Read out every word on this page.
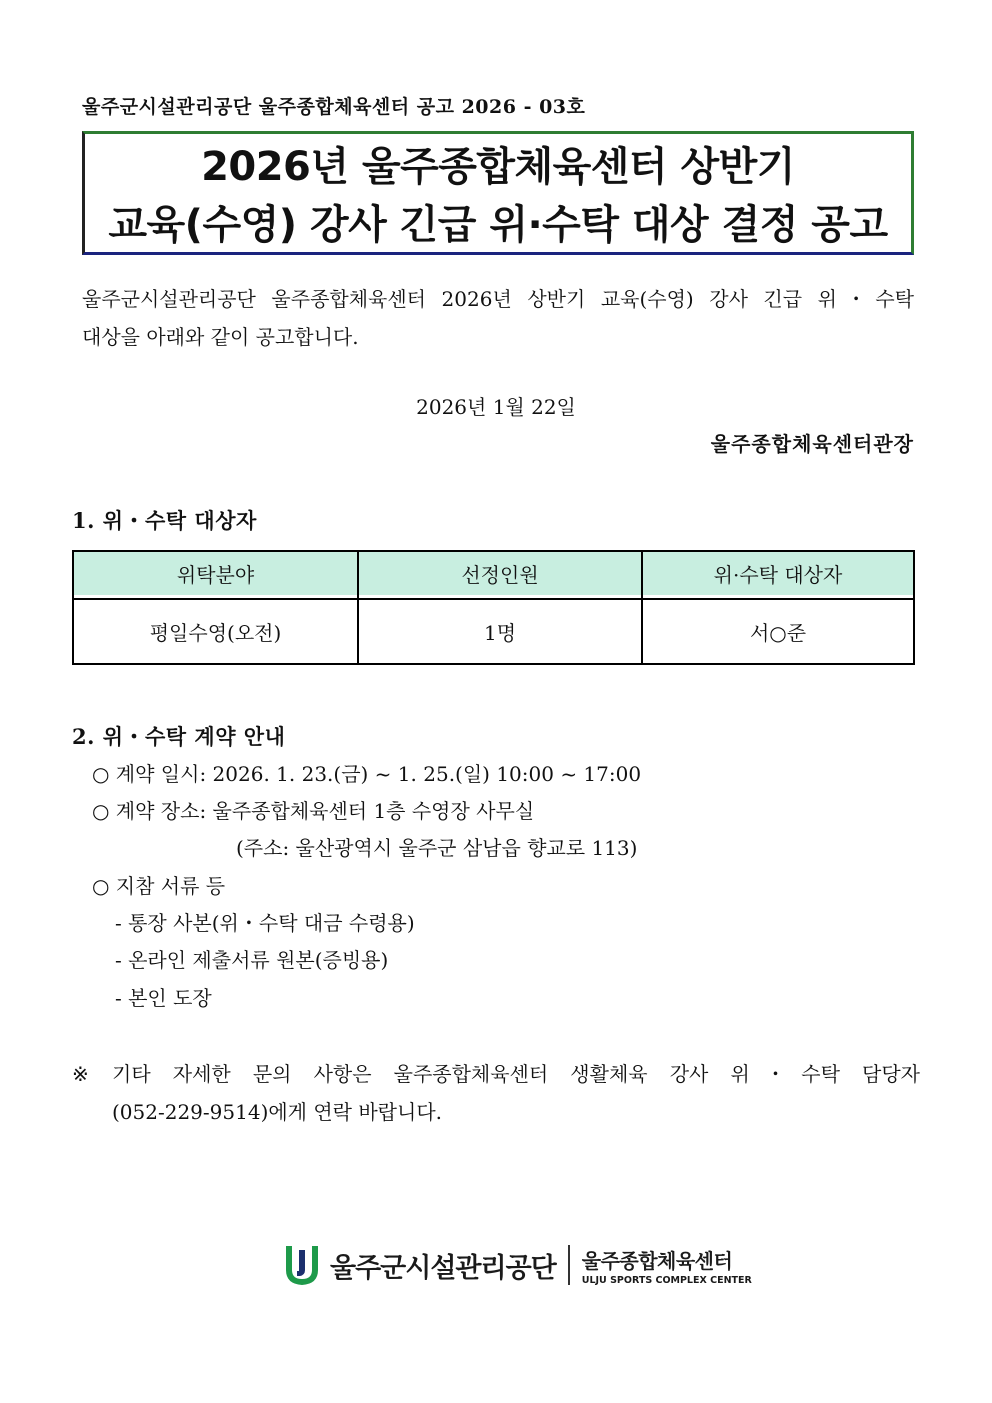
울주군시설관리공단 울주종합체육센터 공고 2026 - 03호
2026년 울주종합체육센터 상반기
교육(수영) 강사 긴급 위·수탁 대상 결정 공고
울주군시설관리공단 울주종합체육센터 2026년 상반기 교육(수영) 강사 긴급 위・수탁
대상을 아래와 같이 공고합니다.
2026년 1월 22일
울주종합체육센터관장
1. 위・수탁 대상자
위탁분야	선정인원	위·수탁 대상자

평일수영(오전)	1명	서○준
2. 위・수탁 계약 안내
○ 계약 일시: 2026. 1. 23.(금) ~ 1. 25.(일) 10:00 ~ 17:00
○ 계약 장소: 울주종합체육센터 1층 수영장 사무실
(주소: 울산광역시 울주군 삼남읍 향교로 113)
○ 지참 서류 등
- 통장 사본(위・수탁 대금 수령용)
- 온라인 제출서류 원본(증빙용)
- 본인 도장
※	기타 자세한 문의 사항은 울주종합체육센터 생활체육 강사 위・수탁 담당자
(052-229-9514)에게 연락 바랍니다.
울주군시설관리공단 울주종합체육센터
ULJU SPORTS COMPLEX CENTER
